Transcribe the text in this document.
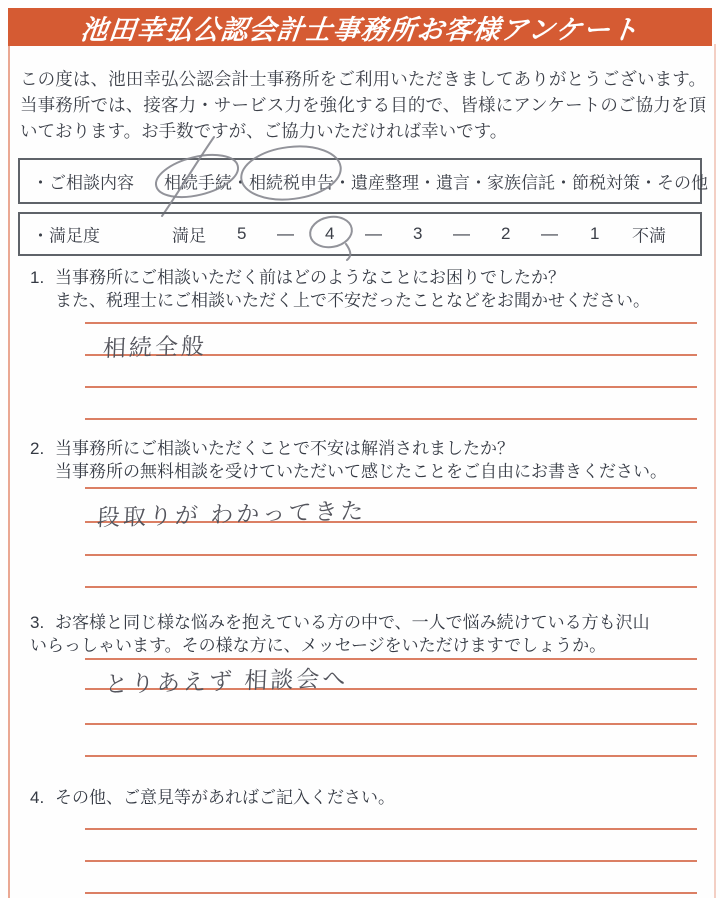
池田幸弘公認会計士事務所お客様アンケート
この度は、池田幸弘公認会計士事務所をご利用いただきましてありがとうございます。当事務所では、接客力・サービス力を強化する目的で、皆様にアンケートのご協力を頂いております。お手数ですが、ご協力いただければ幸いです。
・ご相談内容 相続手続・相続税申告・遺産整理・遺言・家族信託・節税対策・その他
・満足度	満足 5 — 4 — 3 — 2 — 1 不満
1. 当事務所にご相談いただく前はどのようなことにお困りでしたか？
また、税理士にご相談いただく上で不安だったことなどをお聞かせください。
相続全般
2. 当事務所にご相談いただくことで不安は解消されましたか？
当事務所の無料相談を受けていただいて感じたことをご自由にお書きください。
段取りが わかってきた
3. お客様と同じ様な悩みを抱えている方の中で、一人で悩み続けている方も沢山
いらっしゃいます。その様な方に、メッセージをいただけますでしょうか。
とりあえず 相談会へ
4. その他、ご意見等があればご記入ください。
